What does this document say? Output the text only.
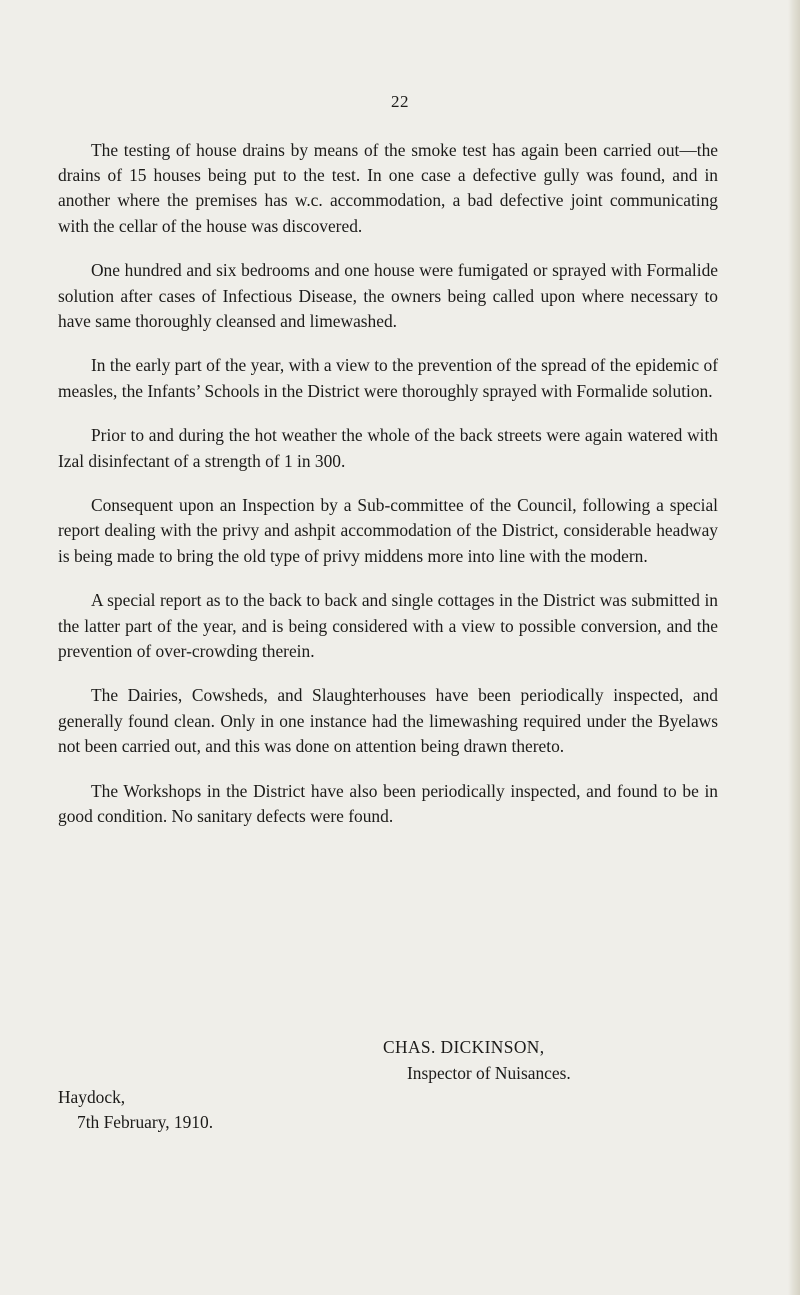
22

The testing of house drains by means of the smoke test has again been carried out—the drains of 15 houses being put to the test. In one case a defective gully was found, and in another where the premises has w.c. accommodation, a bad defective joint communicating with the cellar of the house was discovered.

One hundred and six bedrooms and one house were fumigated or sprayed with Formalide solution after cases of Infectious Disease, the owners being called upon where necessary to have same thoroughly cleansed and limewashed.

In the early part of the year, with a view to the prevention of the spread of the epidemic of measles, the Infants’ Schools in the District were thoroughly sprayed with Formalide solution.

Prior to and during the hot weather the whole of the back streets were again watered with Izal disinfectant of a strength of 1 in 300.

Consequent upon an Inspection by a Sub-committee of the Council, following a special report dealing with the privy and ashpit accommodation of the District, considerable headway is being made to bring the old type of privy middens more into line with the modern.

A special report as to the back to back and single cottages in the District was submitted in the latter part of the year, and is being considered with a view to possible conversion, and the prevention of over-crowding therein.

The Dairies, Cowsheds, and Slaughterhouses have been periodically inspected, and generally found clean. Only in one instance had the limewashing required under the Byelaws not been carried out, and this was done on attention being drawn thereto.

The Workshops in the District have also been periodically inspected, and found to be in good condition. No sanitary defects were found.

CHAS. DICKINSON,
Inspector of Nuisances.
Haydock,
7th February, 1910.
